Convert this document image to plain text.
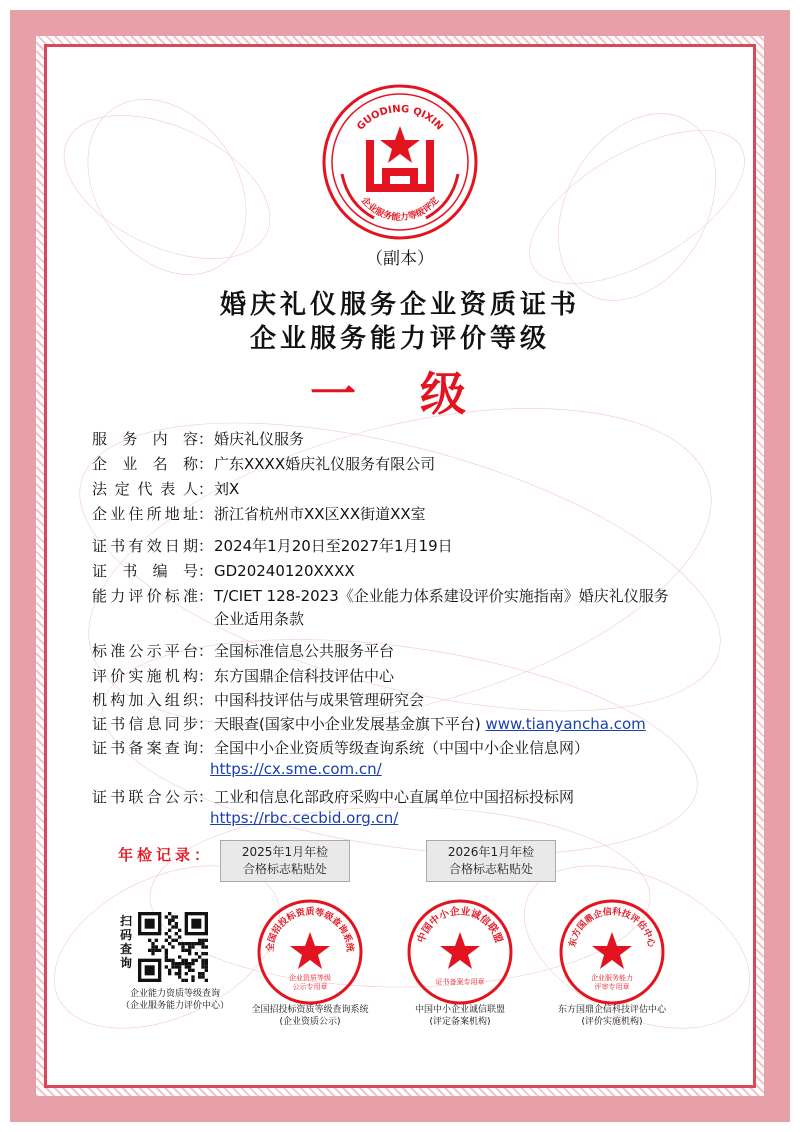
GUODING QIXIN
企业服务能力等级评定
（副本）
婚庆礼仪服务企业资质证书
企业服务能力评价等级
一 级
服务内容：婚庆礼仪服务
企业名称：广东XXXX婚庆礼仪服务有限公司
法定代表人：刘X
企业住所地址：浙江省杭州市XX区XX街道XX室
证书有效日期：2024年1月20日至2027年1月19日
证书编号：GD20240120XXXX
能力评价标准：T/CIET 128-2023《企业能力体系建设评价实施指南》婚庆礼仪服务
企业适用条款
标准公示平台：全国标准信息公共服务平台
评价实施机构：东方国鼎企信科技评估中心
机构加入组织：中国科技评估与成果管理研究会
证书信息同步：天眼查(国家中小企业发展基金旗下平台) www.tianyancha.com
证书备案查询：全国中小企业资质等级查询系统（中国中小企业信息网）
https://cx.sme.com.cn/
证书联合公示：工业和信息化部政府采购中心直属单位中国招标投标网
https://rbc.cecbid.org.cn/
年检记录：	2025年1月年检
合格标志粘贴处
2026年1月年检
合格标志粘贴处
扫码查询
企业能力资质等级查询
（企业服务能力评价中心）
全国招投标资质等级查询系统
企业资质等级
公示专用章
全国招投标资质等级查询系统
(企业资质公示)
中国中小企业诚信联盟
证书备案专用章
中国中小企业诚信联盟
(评定备案机构)
东方国鼎企信科技评估中心
企业服务能力
评审专用章
东方国鼎企信科技评估中心
(评价实施机构)
